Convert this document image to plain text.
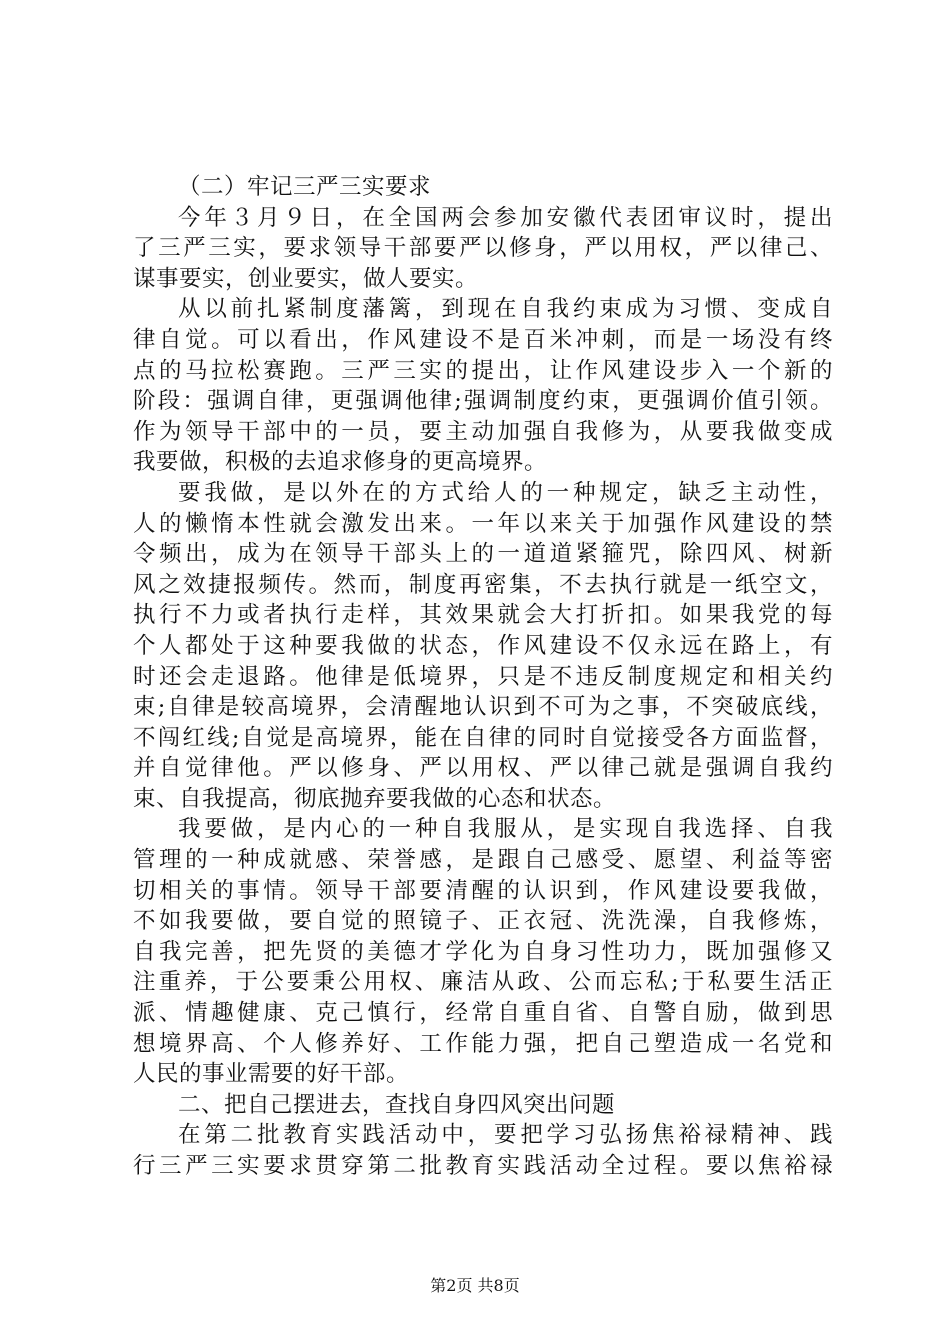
（二）牢记三严三实要求
今年３月９日，在全国两会参加安徽代表团审议时，提出
了三严三实，要求领导干部要严以修身，严以用权，严以律己、
谋事要实，创业要实，做人要实。
从以前扎紧制度藩篱，到现在自我约束成为习惯、变成自
律自觉。可以看出，作风建设不是百米冲刺，而是一场没有终
点的马拉松赛跑。三严三实的提出，让作风建设步入一个新的
阶段：强调自律，更强调他律;强调制度约束，更强调价值引领。
作为领导干部中的一员，要主动加强自我修为，从要我做变成
我要做，积极的去追求修身的更高境界。
要我做，是以外在的方式给人的一种规定，缺乏主动性，
人的懒惰本性就会激发出来。一年以来关于加强作风建设的禁
令频出，成为在领导干部头上的一道道紧箍咒，除四风、树新
风之效捷报频传。然而，制度再密集，不去执行就是一纸空文，
执行不力或者执行走样，其效果就会大打折扣。如果我党的每
个人都处于这种要我做的状态，作风建设不仅永远在路上，有
时还会走退路。他律是低境界，只是不违反制度规定和相关约
束;自律是较高境界，会清醒地认识到不可为之事，不突破底线，
不闯红线;自觉是高境界，能在自律的同时自觉接受各方面监督，
并自觉律他。严以修身、严以用权、严以律己就是强调自我约
束、自我提高，彻底抛弃要我做的心态和状态。
我要做，是内心的一种自我服从，是实现自我选择、自我
管理的一种成就感、荣誉感，是跟自己感受、愿望、利益等密
切相关的事情。领导干部要清醒的认识到，作风建设要我做，
不如我要做，要自觉的照镜子、正衣冠、洗洗澡，自我修炼，
自我完善，把先贤的美德才学化为自身习性功力，既加强修又
注重养，于公要秉公用权、廉洁从政、公而忘私;于私要生活正
派、情趣健康、克己慎行，经常自重自省、自警自励，做到思
想境界高、个人修养好、工作能力强，把自己塑造成一名党和
人民的事业需要的好干部。
二、把自己摆进去，查找自身四风突出问题
在第二批教育实践活动中，要把学习弘扬焦裕禄精神、践
行三严三实要求贯穿第二批教育实践活动全过程。要以焦裕禄
第2页 共8页
